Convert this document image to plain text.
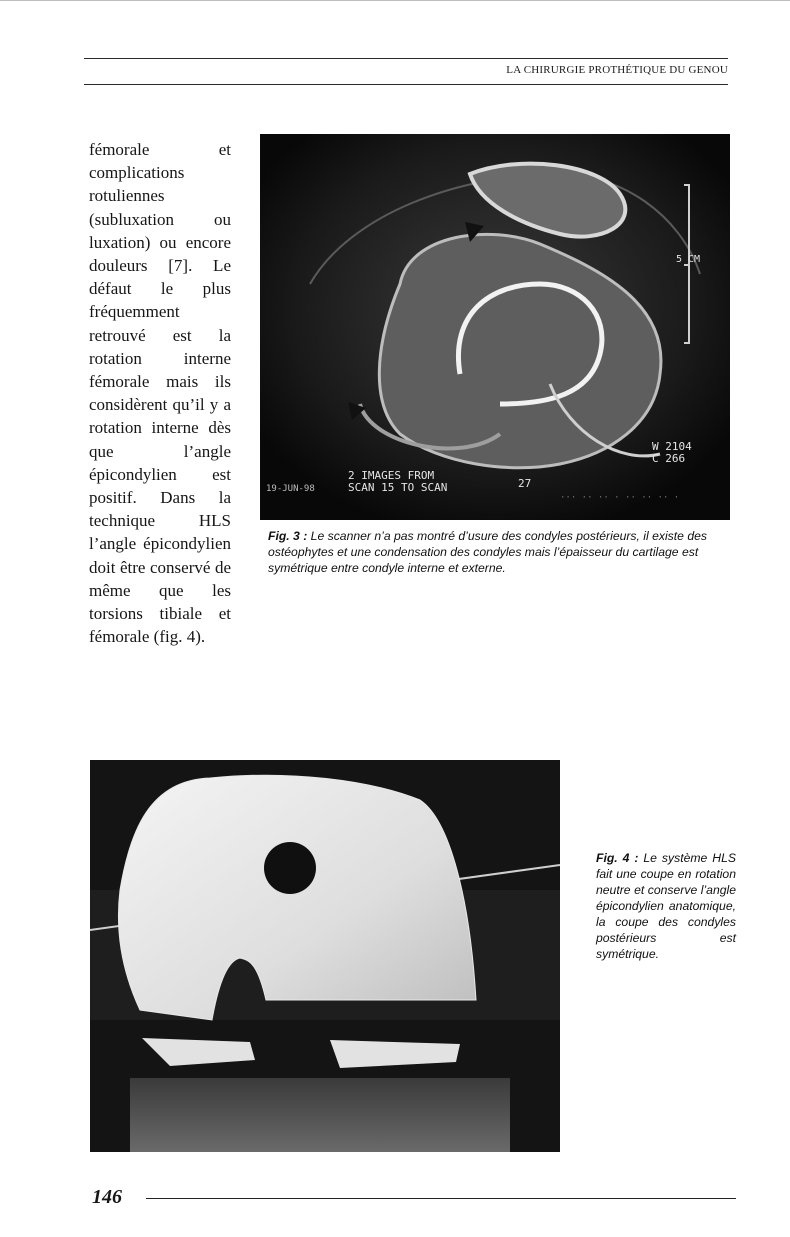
LA CHIRURGIE PROTHÉTIQUE DU GENOU
fémorale et complications rotuliennes (subluxation ou luxation) ou encore douleurs [7]. Le défaut le plus fréquemment retrouvé est la rotation interne fémorale mais ils considèrent qu’il y a rotation interne dès que l’angle épicondylien est positif. Dans la technique HLS l’angle épicondylien doit être conservé de même que les torsions tibiale et fémorale (fig. 4).
5 CM
W 2104
C 266
2 IMAGES FROM
SCAN 15 TO SCAN
19-JUN-98	27
··· ·· ·· · ·· ·· ·· ·
Fig. 3 : Le scanner n’a pas montré d’usure des condyles postérieurs, il existe des ostéophytes et une condensation des condyles mais l’épaisseur du cartilage est symétrique entre condyle interne et externe.
Fig. 4 : Le système HLS fait une coupe en rotation neutre et conserve l’angle épicondylien anatomique, la coupe des condyles postérieurs est symétrique.
146
